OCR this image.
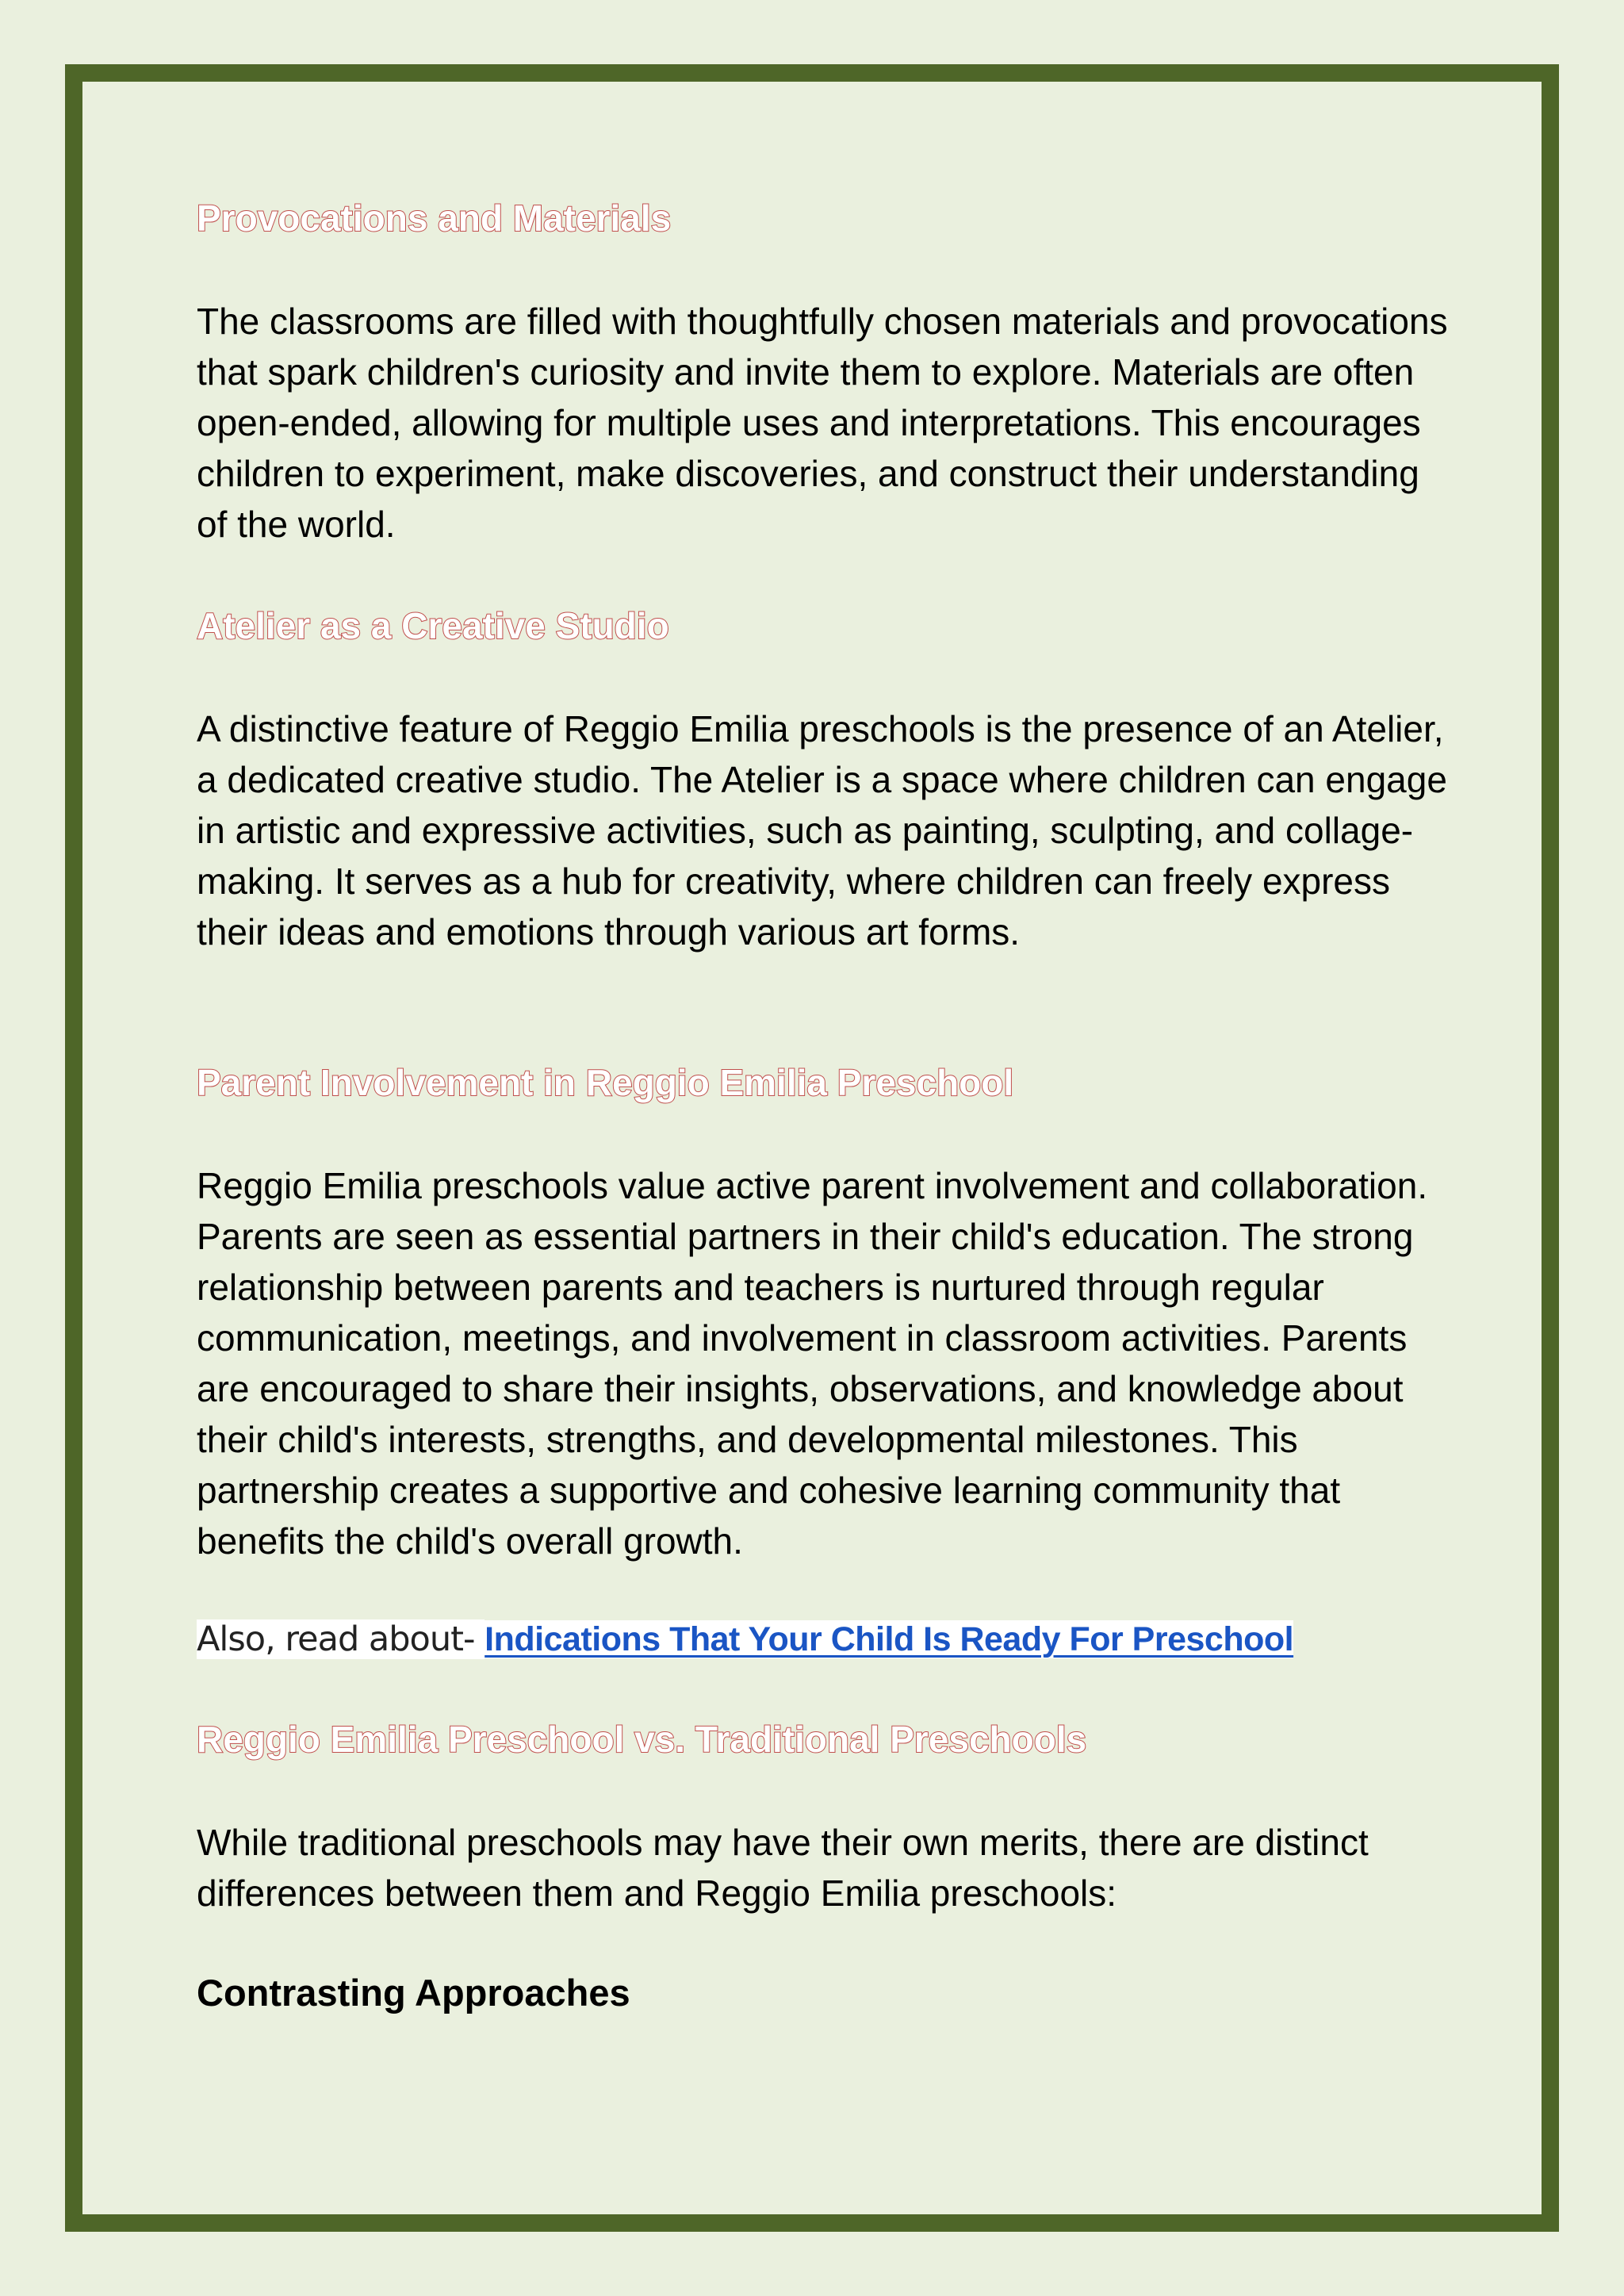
Provocations and Materials

The classrooms are filled with thoughtfully chosen materials and provocations that spark children's curiosity and invite them to explore. Materials are often open-ended, allowing for multiple uses and interpretations. This encourages children to experiment, make discoveries, and construct their understanding of the world.

Atelier as a Creative Studio

A distinctive feature of Reggio Emilia preschools is the presence of an Atelier, a dedicated creative studio. The Atelier is a space where children can engage in artistic and expressive activities, such as painting, sculpting, and collage-making. It serves as a hub for creativity, where children can freely express their ideas and emotions through various art forms.

Parent Involvement in Reggio Emilia Preschool

Reggio Emilia preschools value active parent involvement and collaboration. Parents are seen as essential partners in their child's education. The strong relationship between parents and teachers is nurtured through regular communication, meetings, and involvement in classroom activities. Parents are encouraged to share their insights, observations, and knowledge about their child's interests, strengths, and developmental milestones. This partnership creates a supportive and cohesive learning community that benefits the child's overall growth.

Also, read about- Indications That Your Child Is Ready For Preschool

Reggio Emilia Preschool vs. Traditional Preschools

While traditional preschools may have their own merits, there are distinct differences between them and Reggio Emilia preschools:

Contrasting Approaches
